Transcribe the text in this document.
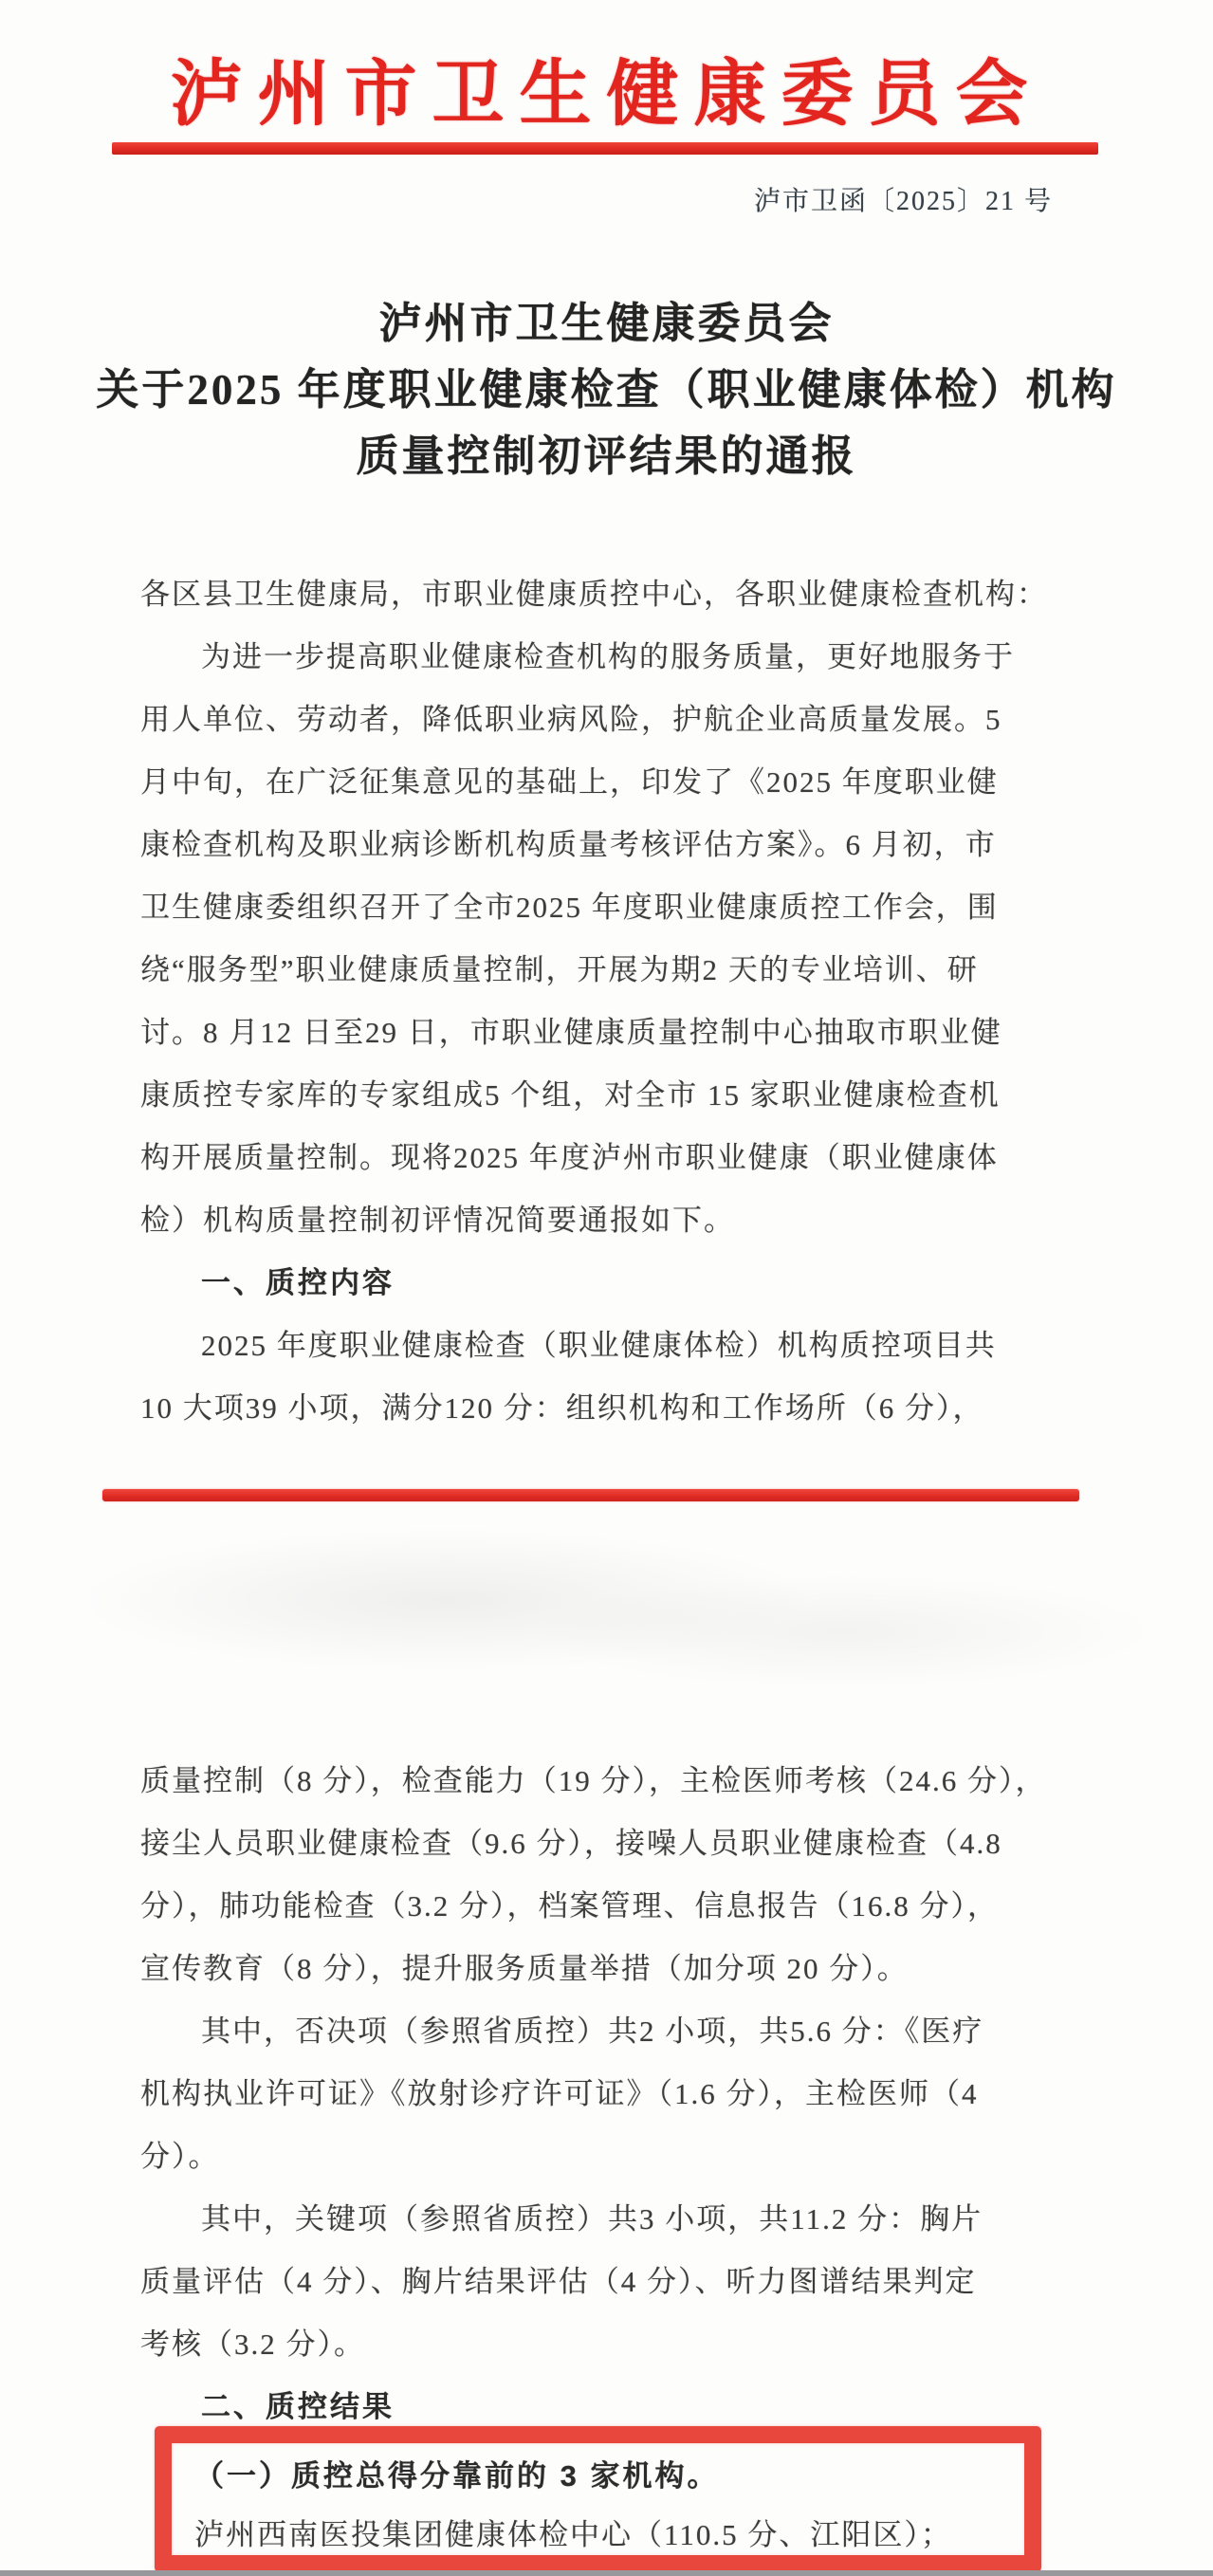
泸州市卫生健康委员会
泸市卫函〔2025〕21 号
泸州市卫生健康委员会
关于2025 年度职业健康检查（职业健康体检）机构
质量控制初评结果的通报
各区县卫生健康局，市职业健康质控中心，各职业健康检查机构：
为进一步提高职业健康检查机构的服务质量，更好地服务于
用人单位、劳动者，降低职业病风险，护航企业高质量发展。5
月中旬，在广泛征集意见的基础上，印发了《2025 年度职业健
康检查机构及职业病诊断机构质量考核评估方案》。6 月初，市
卫生健康委组织召开了全市2025 年度职业健康质控工作会，围
绕“服务型”职业健康质量控制，开展为期2 天的专业培训、研
讨。8 月12 日至29 日，市职业健康质量控制中心抽取市职业健
康质控专家库的专家组成5 个组，对全市 15 家职业健康检查机
构开展质量控制。现将2025 年度泸州市职业健康（职业健康体
检）机构质量控制初评情况简要通报如下。
一、质控内容
2025 年度职业健康检查（职业健康体检）机构质控项目共
10 大项39 小项，满分120 分：组织机构和工作场所（6 分），
质量控制（8 分），检查能力（19 分），主检医师考核（24.6 分），
接尘人员职业健康检查（9.6 分），接噪人员职业健康检查（4.8
分），肺功能检查（3.2 分），档案管理、信息报告（16.8 分），
宣传教育（8 分），提升服务质量举措（加分项 20 分）。
其中，否决项（参照省质控）共2 小项，共5.6 分：《医疗
机构执业许可证》《放射诊疗许可证》（1.6 分），主检医师（4
分）。
其中，关键项（参照省质控）共3 小项，共11.2 分：胸片
质量评估（4 分）、胸片结果评估（4 分）、听力图谱结果判定
考核（3.2 分）。
二、质控结果
（一）质控总得分靠前的 3 家机构。
泸州西南医投集团健康体检中心（110.5 分、江阳区）；
